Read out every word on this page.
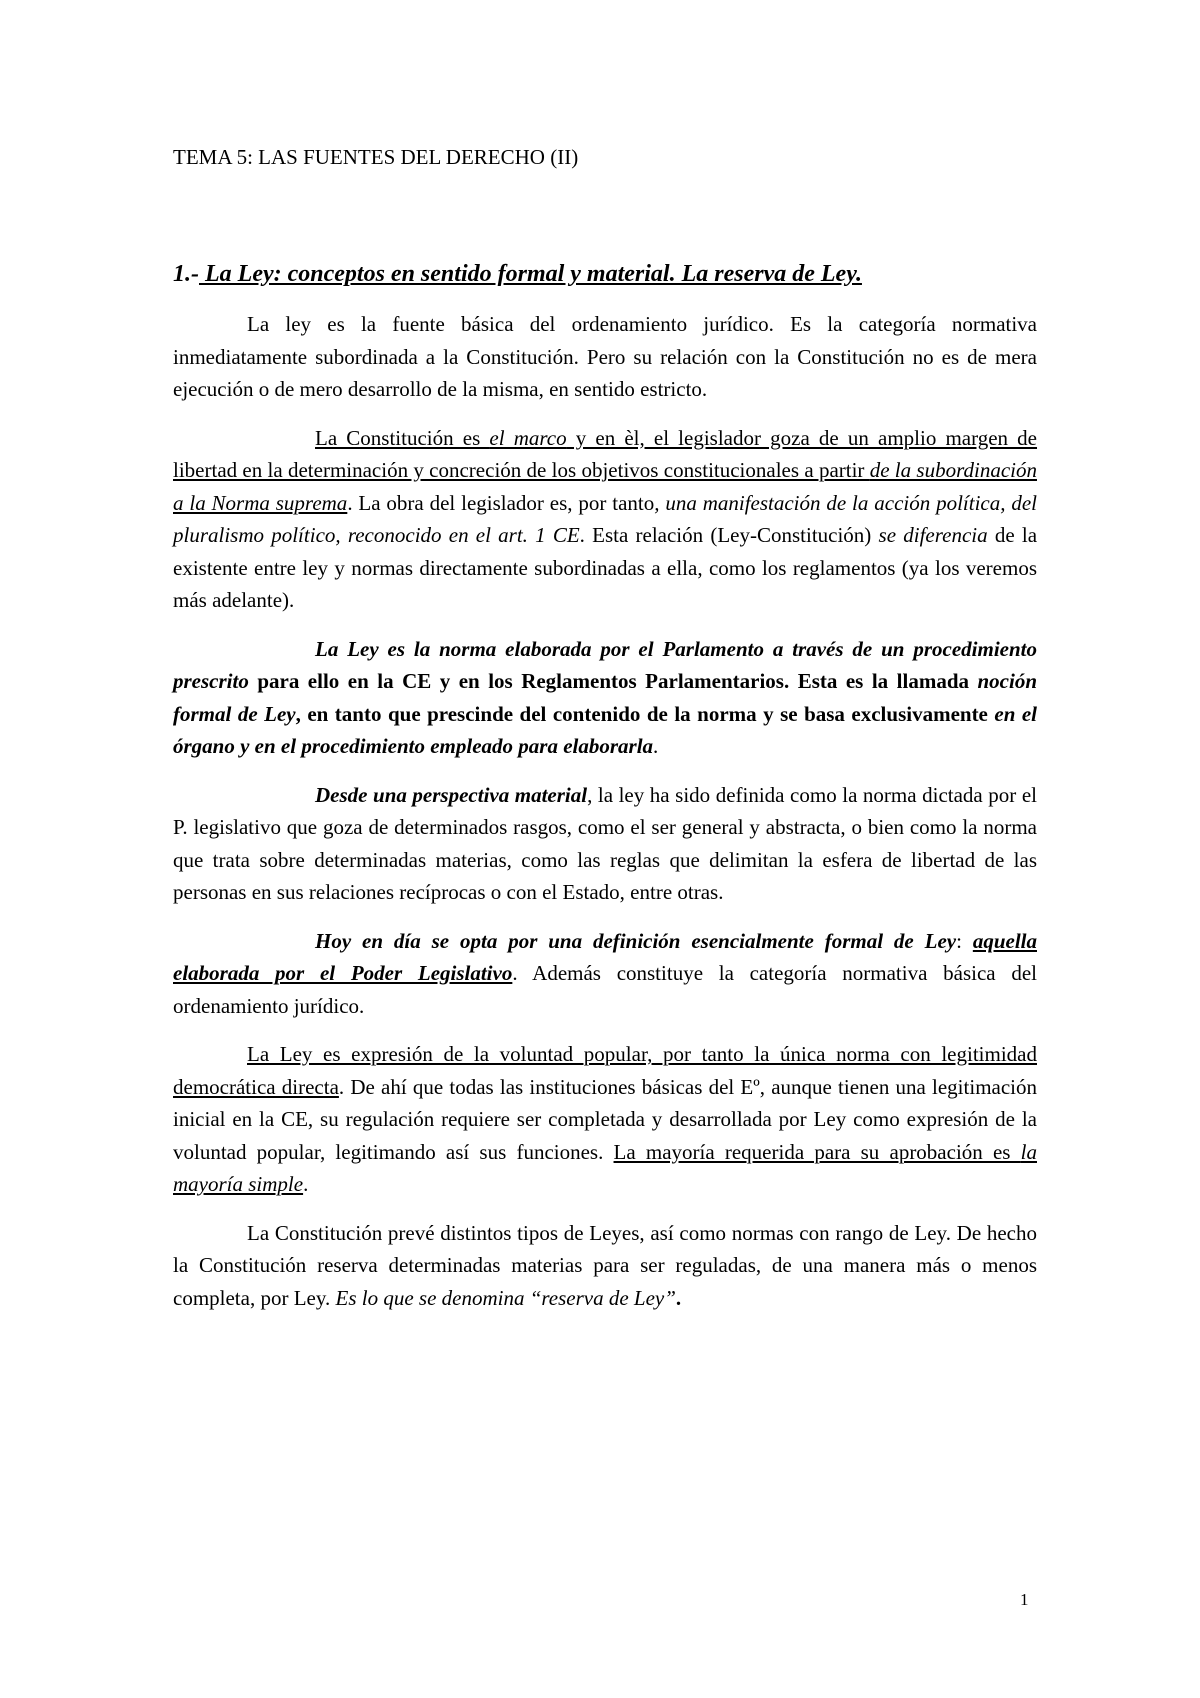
TEMA 5: LAS FUENTES DEL DERECHO (II)
1.- La Ley: conceptos en sentido formal y material. La reserva de Ley.

La ley es la fuente básica del ordenamiento jurídico. Es la categoría normativa inmediatamente subordinada a la Constitución. Pero su relación con la Constitución no es de mera ejecución o de mero desarrollo de la misma, en sentido estricto.

La Constitución es el marco y en èl, el legislador goza de un amplio margen de libertad en la determinación y concreción de los objetivos constitucionales a partir de la subordinación a la Norma suprema. La obra del legislador es, por tanto, una manifestación de la acción política, del pluralismo político, reconocido en el art. 1 CE. Esta relación (Ley-Constitución) se diferencia de la existente entre ley y normas directamente subordinadas a ella, como los reglamentos (ya los veremos más adelante).

La Ley es la norma elaborada por el Parlamento a través de un procedimiento prescrito para ello en la CE y en los Reglamentos Parlamentarios. Esta es la llamada noción formal de Ley, en tanto que prescinde del contenido de la norma y se basa exclusivamente en el órgano y en el procedimiento empleado para elaborarla.

Desde una perspectiva material, la ley ha sido definida como la norma dictada por el P. legislativo que goza de determinados rasgos, como el ser general y abstracta, o bien como la norma que trata sobre determinadas materias, como las reglas que delimitan la esfera de libertad de las personas en sus relaciones recíprocas o con el Estado, entre otras.

Hoy en día se opta por una definición esencialmente formal de Ley: aquella elaborada por el Poder Legislativo. Además constituye la categoría normativa básica del ordenamiento jurídico.

La Ley es expresión de la voluntad popular, por tanto la única norma con legitimidad democrática directa. De ahí que todas las instituciones básicas del Eº, aunque tienen una legitimación inicial en la CE, su regulación requiere ser completada y desarrollada por Ley como expresión de la voluntad popular, legitimando así sus funciones. La mayoría requerida para su aprobación es la mayoría simple.

La Constitución prevé distintos tipos de Leyes, así como normas con rango de Ley. De hecho la Constitución reserva determinadas materias para ser reguladas, de una manera más o menos completa, por Ley. Es lo que se denomina “reserva de Ley”.

1
